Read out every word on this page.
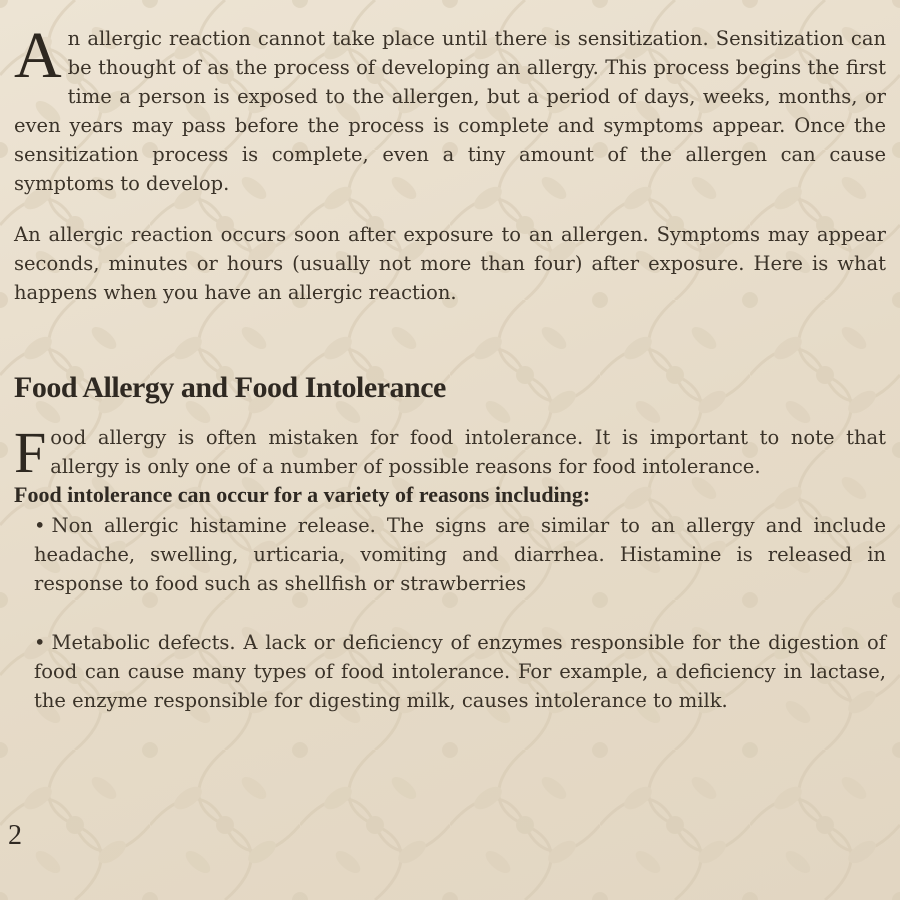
An allergic reaction cannot take place until there is sensitization. Sensitization can be thought of as the process of developing an allergy. This process begins the first time a person is exposed to the allergen, but a period of days, weeks, months, or even years may pass before the process is complete and symptoms appear. Once the sensitization process is complete, even a tiny amount of the allergen can cause symptoms to develop.

An allergic reaction occurs soon after exposure to an allergen. Symptoms may appear seconds, minutes or hours (usually not more than four) after exposure. Here is what happens when you have an allergic reaction.

Food Allergy and Food Intolerance

Food allergy is often mistaken for food intolerance. It is important to note that allergy is only one of a number of possible reasons for food intolerance.

Food intolerance can occur for a variety of reasons including:

• Non allergic histamine release. The signs are similar to an allergy and include headache, swelling, urticaria, vomiting and diarrhea. Histamine is released in response to food such as shellfish or strawberries

• Metabolic defects. A lack or deficiency of enzymes responsible for the digestion of food can cause many types of food intolerance. For example, a deficiency in lactase, the enzyme responsible for digesting milk, causes intolerance to milk.

2
